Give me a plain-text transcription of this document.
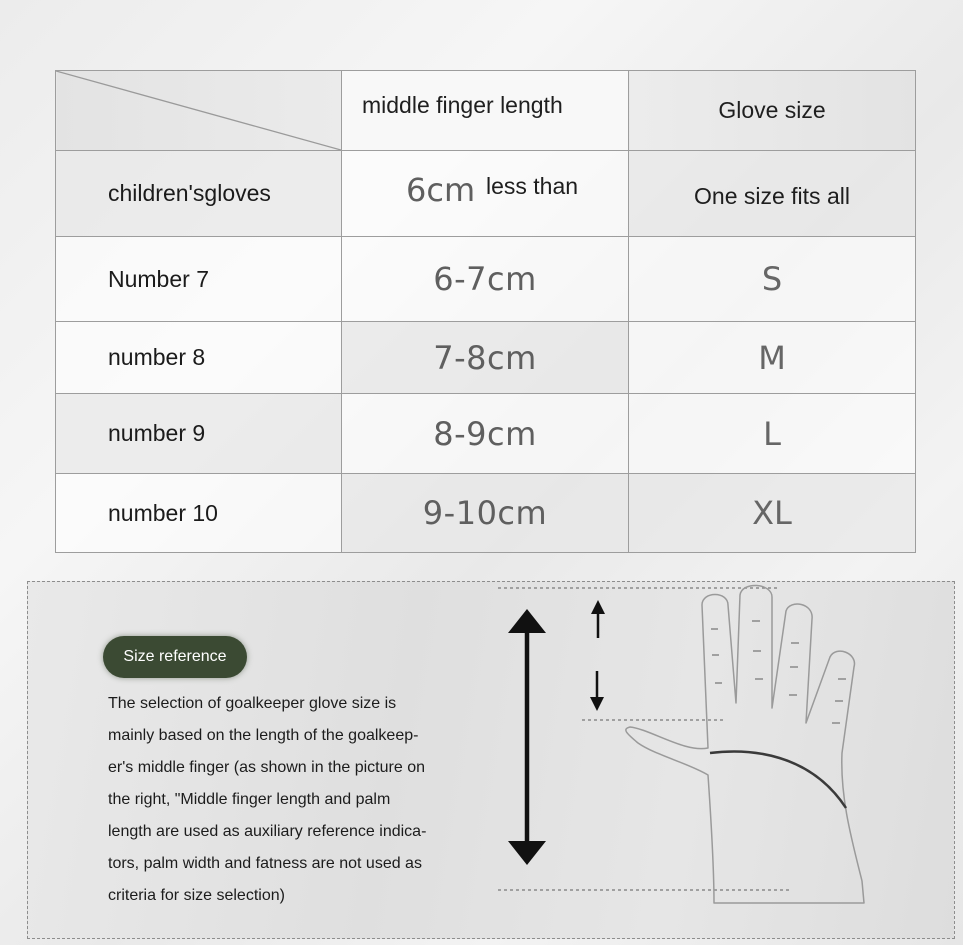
	middle finger length	Glove size
children'sgloves	6cm less than	One size fits all
Number 7	6-7cm	S
number 8	7-8cm	M
number 9	8-9cm	L
number 10	9-10cm	XL
Size reference

The selection of goalkeeper glove size is
mainly based on the length of the goalkeep-
er's middle finger (as shown in the picture on
the right, "Middle finger length and palm
length are used as auxiliary reference indica-
tors, palm width and fatness are not used as
criteria for size selection)
